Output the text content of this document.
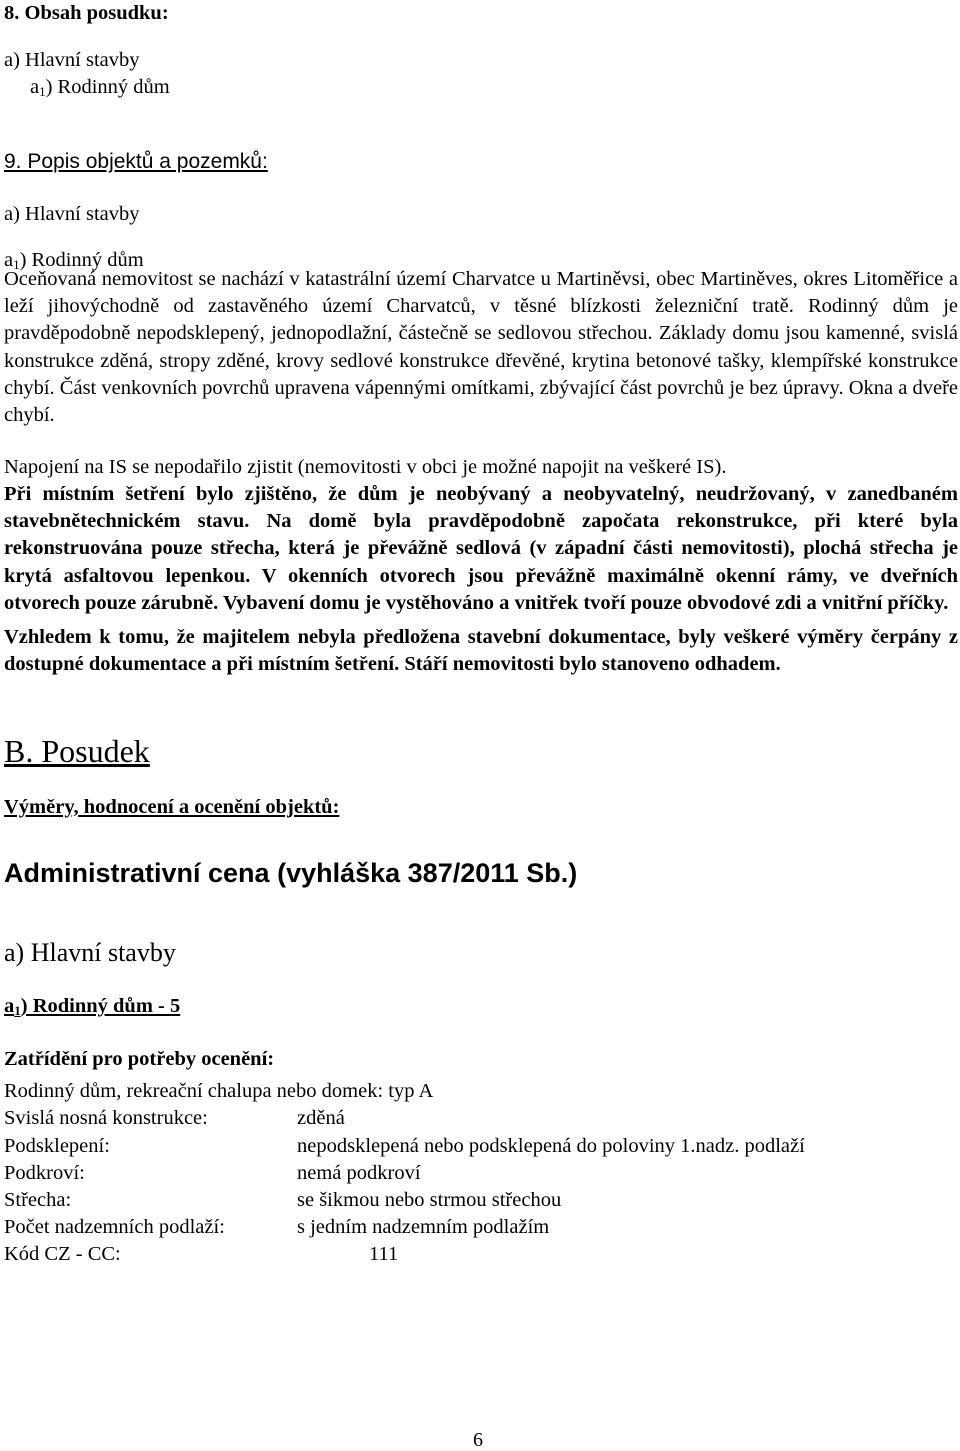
8. Obsah posudku:
a) Hlavní stavby
$a_1$) Rodinný dům
9. Popis objektů a pozemků:
a) Hlavní stavby
$a_1$) Rodinný dům
Oceňovaná nemovitost se nachází v katastrální území Charvatce u Martiněvsi, obec Martiněves, okres Litoměřice a leží jihovýchodně od zastavěného území Charvatců, v těsné blízkosti železniční tratě. Rodinný dům je pravděpodobně nepodsklepený, jednopodlažní, částečně se sedlovou střechou. Základy domu jsou kamenné, svislá konstrukce zděná, stropy zděné, krovy sedlové konstrukce dřevěné, krytina betonové tašky, klempířské konstrukce chybí. Část venkovních povrchů upravena vápennými omítkami, zbývající část povrchů je bez úpravy. Okna a dveře chybí.
Napojení na IS se nepodařilo zjistit (nemovitosti v obci je možné napojit na veškeré IS).
Při místním šetření bylo zjištěno, že dům je neobývaný a neobyvatelný, neudržovaný, v zanedbaném stavebnětechnickém stavu. Na domě byla pravděpodobně započata rekonstrukce, při které byla rekonstruována pouze střecha, která je převážně sedlová (v západní části nemovitosti), plochá střecha je krytá asfaltovou lepenkou. V okenních otvorech jsou převážně maximálně okenní rámy, ve dveřních otvorech pouze zárubně. Vybavení domu je vystěhováno a vnitřek tvoří pouze obvodové zdi a vnitřní příčky.
Vzhledem k tomu, že majitelem nebyla předložena stavební dokumentace, byly veškeré výměry čerpány z dostupné dokumentace a při místním šetření. Stáří nemovitosti bylo stanoveno odhadem.
B. Posudek
Výměry, hodnocení a ocenění objektů:
Administrativní cena (vyhláška 387/2011 Sb.)
a) Hlavní stavby
$a_1$) Rodinný dům - 5
Zatřídění pro potřeby ocenění:
Rodinný dům, rekreační chalupa nebo domek: typ A
Svislá nosná konstrukce:	zděná
Podsklepení:	nepodsklepená nebo podsklepená do poloviny 1.nadz. podlaží
Podkroví:	nemá podkroví
Střecha:	se šikmou nebo strmou střechou
Počet nadzemních podlaží:	s jedním nadzemním podlažím
Kód CZ - CC:	111
6
